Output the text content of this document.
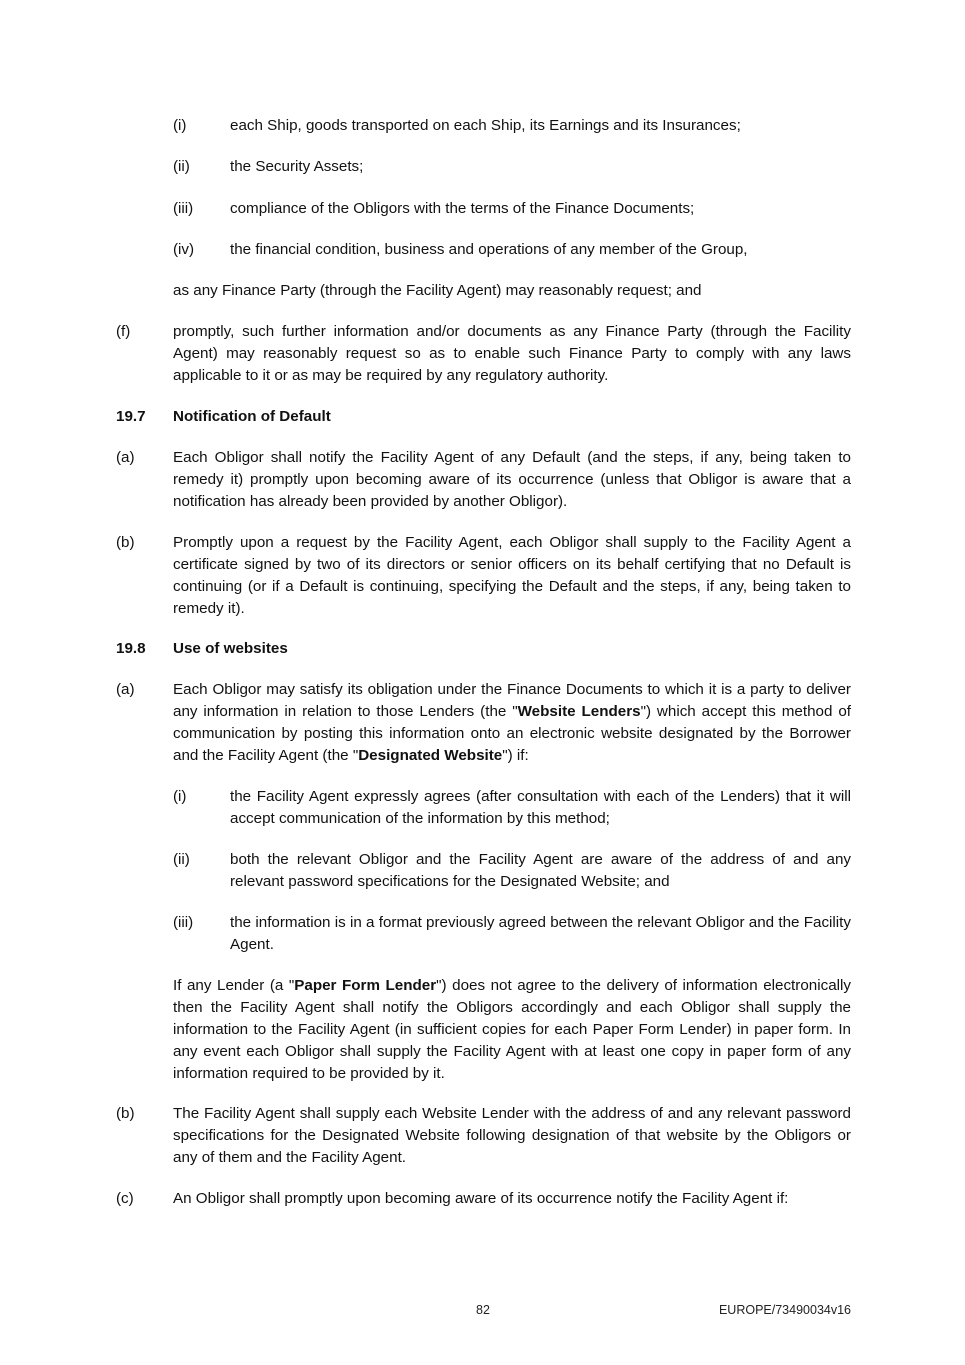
(i)	each Ship, goods transported on each Ship, its Earnings and its Insurances;
(ii)	the Security Assets;
(iii) compliance of the Obligors with the terms of the Finance Documents;
(iv) the financial condition, business and operations of any member of the Group,

as any Finance Party (through the Facility Agent) may reasonably request; and

(f)	promptly, such further information and/or documents as any Finance Party (through the Facility Agent) may reasonably request so as to enable such Finance Party to comply with any laws applicable to it or as may be required by any regulatory authority.

19.7 Notification of Default
(a)	Each Obligor shall notify the Facility Agent of any Default (and the steps, if any, being taken to remedy it) promptly upon becoming aware of its occurrence (unless that Obligor is aware that a notification has already been provided by another Obligor).

(b)	Promptly upon a request by the Facility Agent, each Obligor shall supply to the Facility Agent a certificate signed by two of its directors or senior officers on its behalf certifying that no Default is continuing (or if a Default is continuing, specifying the Default and the steps, if any, being taken to remedy it).

19.8 Use of websites
(a)	Each Obligor may satisfy its obligation under the Finance Documents to which it is a party to deliver any information in relation to those Lenders (the "Website Lenders") which accept this method of communication by posting this information onto an electronic website designated by the Borrower and the Facility Agent (the "Designated Website") if:

(i)	the Facility Agent expressly agrees (after consultation with each of the Lenders) that it will accept communication of the information by this method;

(ii)	both the relevant Obligor and the Facility Agent are aware of the address of and any relevant password specifications for the Designated Website; and

(iii) the information is in a format previously agreed between the relevant Obligor and the Facility Agent.

If any Lender (a "Paper Form Lender") does not agree to the delivery of information electronically then the Facility Agent shall notify the Obligors accordingly and each Obligor shall supply the information to the Facility Agent (in sufficient copies for each Paper Form Lender) in paper form. In any event each Obligor shall supply the Facility Agent with at least one copy in paper form of any information required to be provided by it.

(b)	The Facility Agent shall supply each Website Lender with the address of and any relevant password specifications for the Designated Website following designation of that website by the Obligors or any of them and the Facility Agent.

(c)	An Obligor shall promptly upon becoming aware of its occurrence notify the Facility Agent if:

82	EUROPE/73490034v16
